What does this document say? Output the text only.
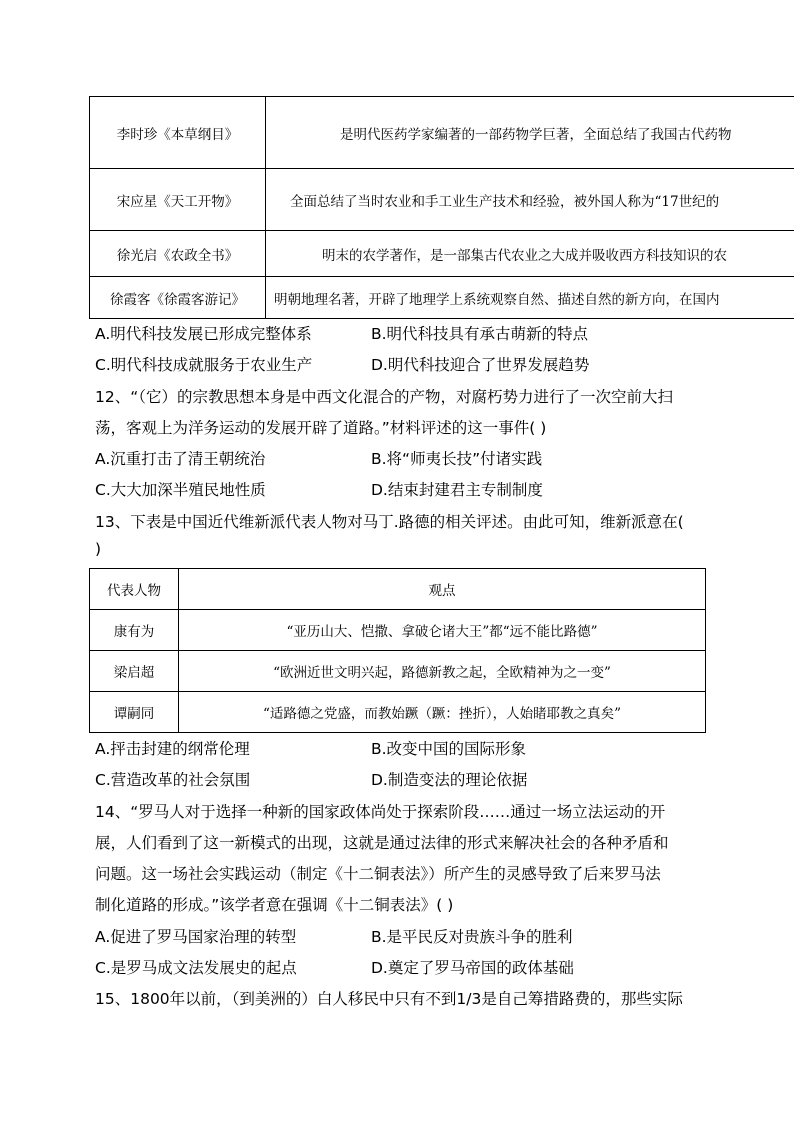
李时珍《本草纲目》	是明代医药学家编著的一部药物学巨著，全面总结了我国古代药物
宋应星《天工开物》	全面总结了当时农业和手工业生产技术和经验，被外国人称为“17世纪的
徐光启《农政全书》	明末的农学著作，是一部集古代农业之大成并吸收西方科技知识的农
徐霞客《徐霞客游记》	明朝地理名著，开辟了地理学上系统观察自然、描述自然的新方向，在国内
A.明代科技发展已形成完整体系	B.明代科技具有承古萌新的特点
C.明代科技成就服务于农业生产	D.明代科技迎合了世界发展趋势
12、“（它）的宗教思想本身是中西文化混合的产物，对腐朽势力进行了一次空前大扫
荡，客观上为洋务运动的发展开辟了道路。”材料评述的这一事件( )
A.沉重打击了清王朝统治	B.将“师夷长技”付诸实践
C.大大加深半殖民地性质	D.结束封建君主专制制度
13、下表是中国近代维新派代表人物对马丁.路德的相关评述。由此可知，维新派意在(
)
代表人物	观点
康有为	“亚历山大、恺撒、拿破仑诸大王”都“远不能比路德”
梁启超	“欧洲近世文明兴起，路德新教之起，全欧精神为之一变”
谭嗣同	“适路德之党盛，而教始蹶（蹶：挫折），人始睹耶教之真矣”
A.抨击封建的纲常伦理	B.改变中国的国际形象
C.营造改革的社会氛围	D.制造变法的理论依据
14、“罗马人对于选择一种新的国家政体尚处于探索阶段……通过一场立法运动的开
展，人们看到了这一新模式的出现，这就是通过法律的形式来解决社会的各种矛盾和
问题。这一场社会实践运动（制定《十二铜表法》）所产生的灵感导致了后来罗马法
制化道路的形成。”该学者意在强调《十二铜表法》( )
A.促进了罗马国家治理的转型	B.是平民反对贵族斗争的胜利
C.是罗马成文法发展史的起点	D.奠定了罗马帝国的政体基础
15、1800年以前，（到美洲的）白人移民中只有不到1/3是自己筹措路费的，那些实际
